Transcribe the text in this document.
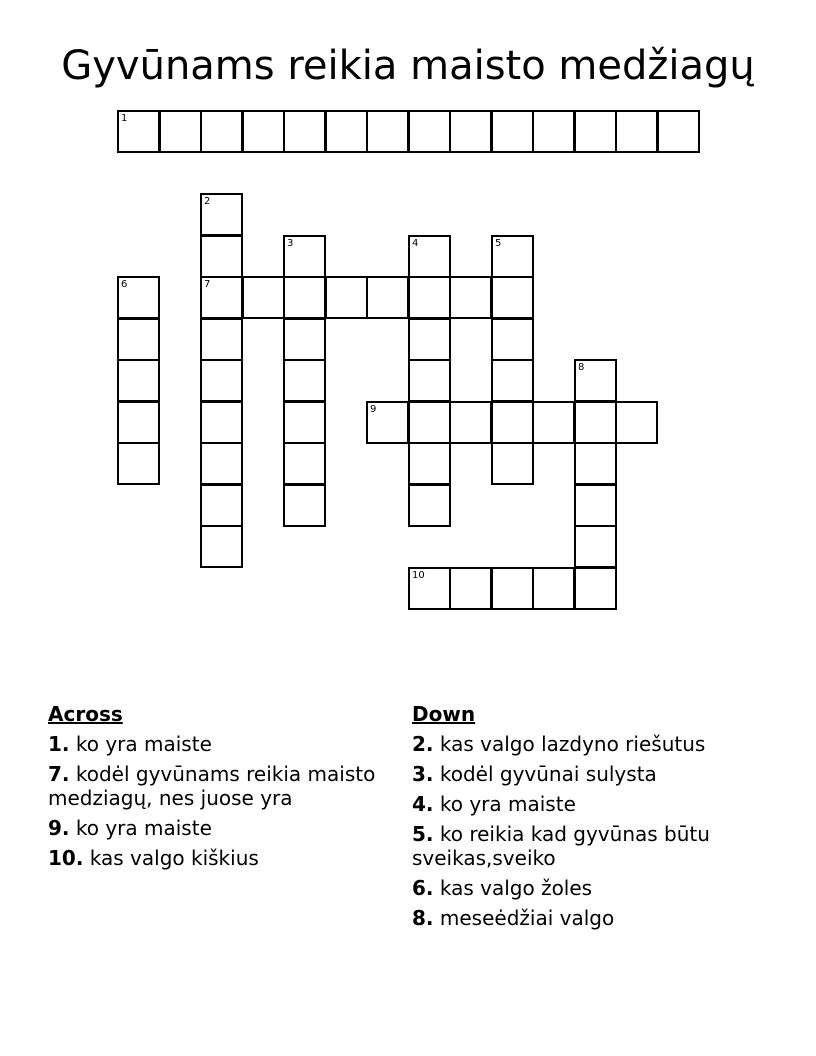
Gyvūnams reikia maisto medžiagų
1
2
7
3	4	5
6
8
9
10
Across
1. ko yra maiste
7. kodėl gyvūnams reikia maisto medziagų, nes juose yra
9. ko yra maiste
10. kas valgo kiškius
Down
2. kas valgo lazdyno riešutus
3. kodėl gyvūnai sulysta
4. ko yra maiste
5. ko reikia kad gyvūnas būtu sveikas,sveiko
6. kas valgo žoles
8. meseėdžiai valgo
